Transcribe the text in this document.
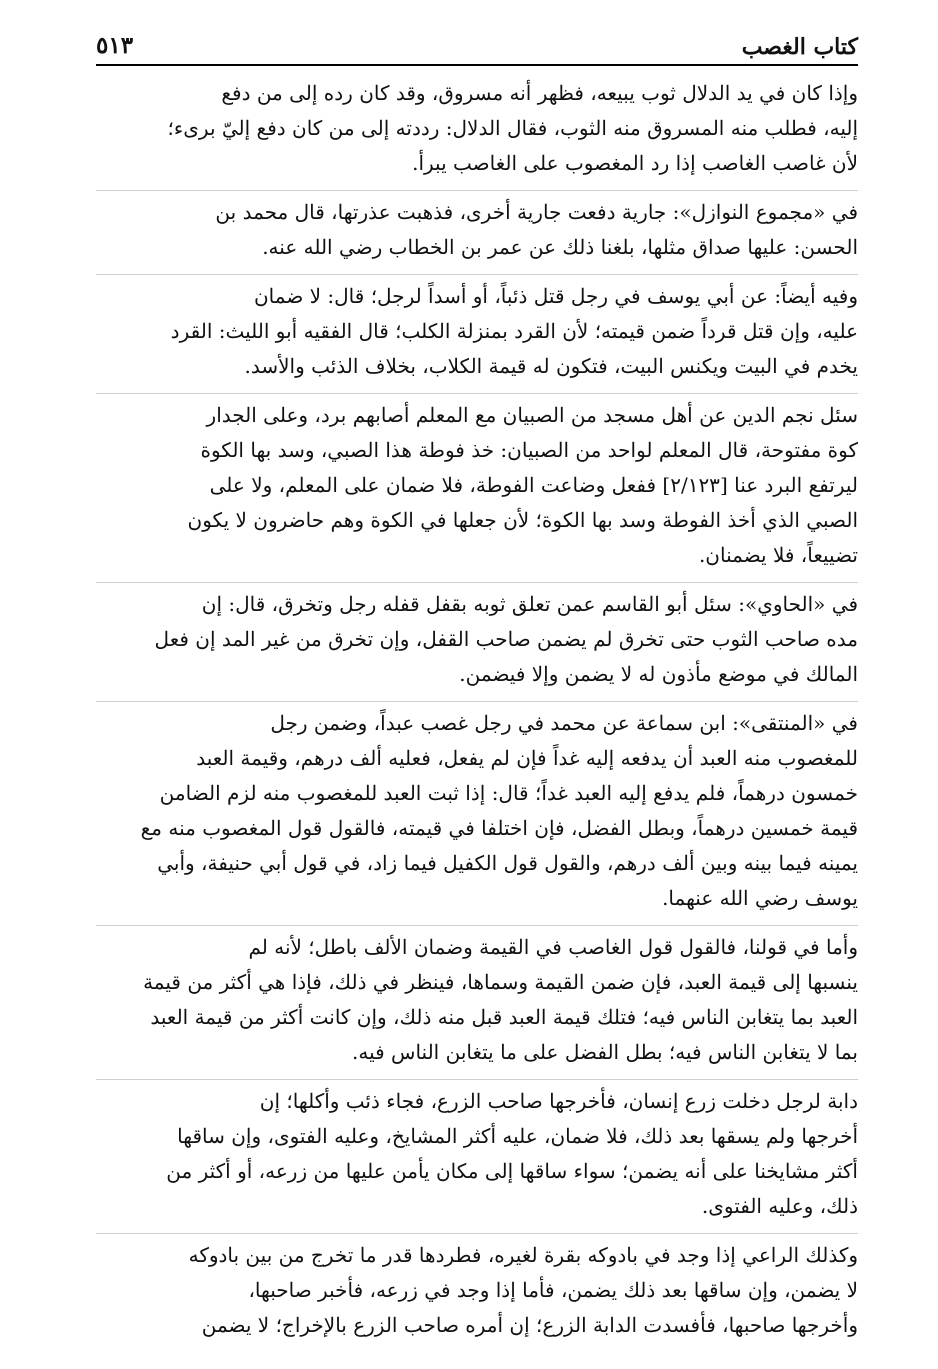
كتاب الغصب
٥١٣

وإذا كان في يد الدلال ثوب يبيعه، فظهر أنه مسروق، وقد كان رده إلى من دفع
إليه، فطلب منه المسروق منه الثوب، فقال الدلال: رددته إلى من كان دفع إليّ برىء؛
لأن غاصب الغاصب إذا رد المغصوب على الغاصب يبرأ.

في «مجموع النوازل»: جارية دفعت جارية أخرى، فذهبت عذرتها، قال محمد بن
الحسن: عليها صداق مثلها، بلغنا ذلك عن عمر بن الخطاب رضي الله عنه.

وفيه أيضاً: عن أبي يوسف في رجل قتل ذئباً، أو أسداً لرجل؛ قال: لا ضمان
عليه، وإن قتل قرداً ضمن قيمته؛ لأن القرد بمنزلة الكلب؛ قال الفقيه أبو الليث: القرد
يخدم في البيت ويكنس البيت، فتكون له قيمة الكلاب، بخلاف الذئب والأسد.

سئل نجم الدين عن أهل مسجد من الصبيان مع المعلم أصابهم برد، وعلى الجدار
كوة مفتوحة، قال المعلم لواحد من الصبيان: خذ فوطة هذا الصبي، وسد بها الكوة
ليرتفع البرد عنا [٢/١٢٣] ففعل وضاعت الفوطة، فلا ضمان على المعلم، ولا على
الصبي الذي أخذ الفوطة وسد بها الكوة؛ لأن جعلها في الكوة وهم حاضرون لا يكون
تضييعاً، فلا يضمنان.

في «الحاوي»: سئل أبو القاسم عمن تعلق ثوبه بقفل قفله رجل وتخرق، قال: إن
مده صاحب الثوب حتى تخرق لم يضمن صاحب القفل، وإن تخرق من غير المد إن فعل
المالك في موضع مأذون له لا يضمن وإلا فيضمن.

في «المنتقى»: ابن سماعة عن محمد في رجل غصب عبداً، وضمن رجل
للمغصوب منه العبد أن يدفعه إليه غداً فإن لم يفعل، فعليه ألف درهم، وقيمة العبد
خمسون درهماً، فلم يدفع إليه العبد غداً؛ قال: إذا ثبت العبد للمغصوب منه لزم الضامن
قيمة خمسين درهماً، وبطل الفضل، فإن اختلفا في قيمته، فالقول قول المغصوب منه مع
يمينه فيما بينه وبين ألف درهم، والقول قول الكفيل فيما زاد، في قول أبي حنيفة، وأبي
يوسف رضي الله عنهما.

وأما في قولنا، فالقول قول الغاصب في القيمة وضمان الألف باطل؛ لأنه لم
ينسبها إلى قيمة العبد، فإن ضمن القيمة وسماها، فينظر في ذلك، فإذا هي أكثر من قيمة
العبد بما يتغابن الناس فيه؛ فتلك قيمة العبد قبل منه ذلك، وإن كانت أكثر من قيمة العبد
بما لا يتغابن الناس فيه؛ بطل الفضل على ما يتغابن الناس فيه.

دابة لرجل دخلت زرع إنسان، فأخرجها صاحب الزرع، فجاء ذئب وأكلها؛ إن
أخرجها ولم يسقها بعد ذلك، فلا ضمان، عليه أكثر المشايخ، وعليه الفتوى، وإن ساقها
أكثر مشايخنا على أنه يضمن؛ سواء ساقها إلى مكان يأمن عليها من زرعه، أو أكثر من
ذلك، وعليه الفتوى.

وكذلك الراعي إذا وجد في بادوكه بقرة لغيره، فطردها قدر ما تخرج من بين بادوكه
لا يضمن، وإن ساقها بعد ذلك يضمن، فأما إذا وجد في زرعه، فأخبر صاحبها،
وأخرجها صاحبها، فأفسدت الدابة الزرع؛ إن أمره صاحب الزرع بالإخراج؛ لا يضمن
